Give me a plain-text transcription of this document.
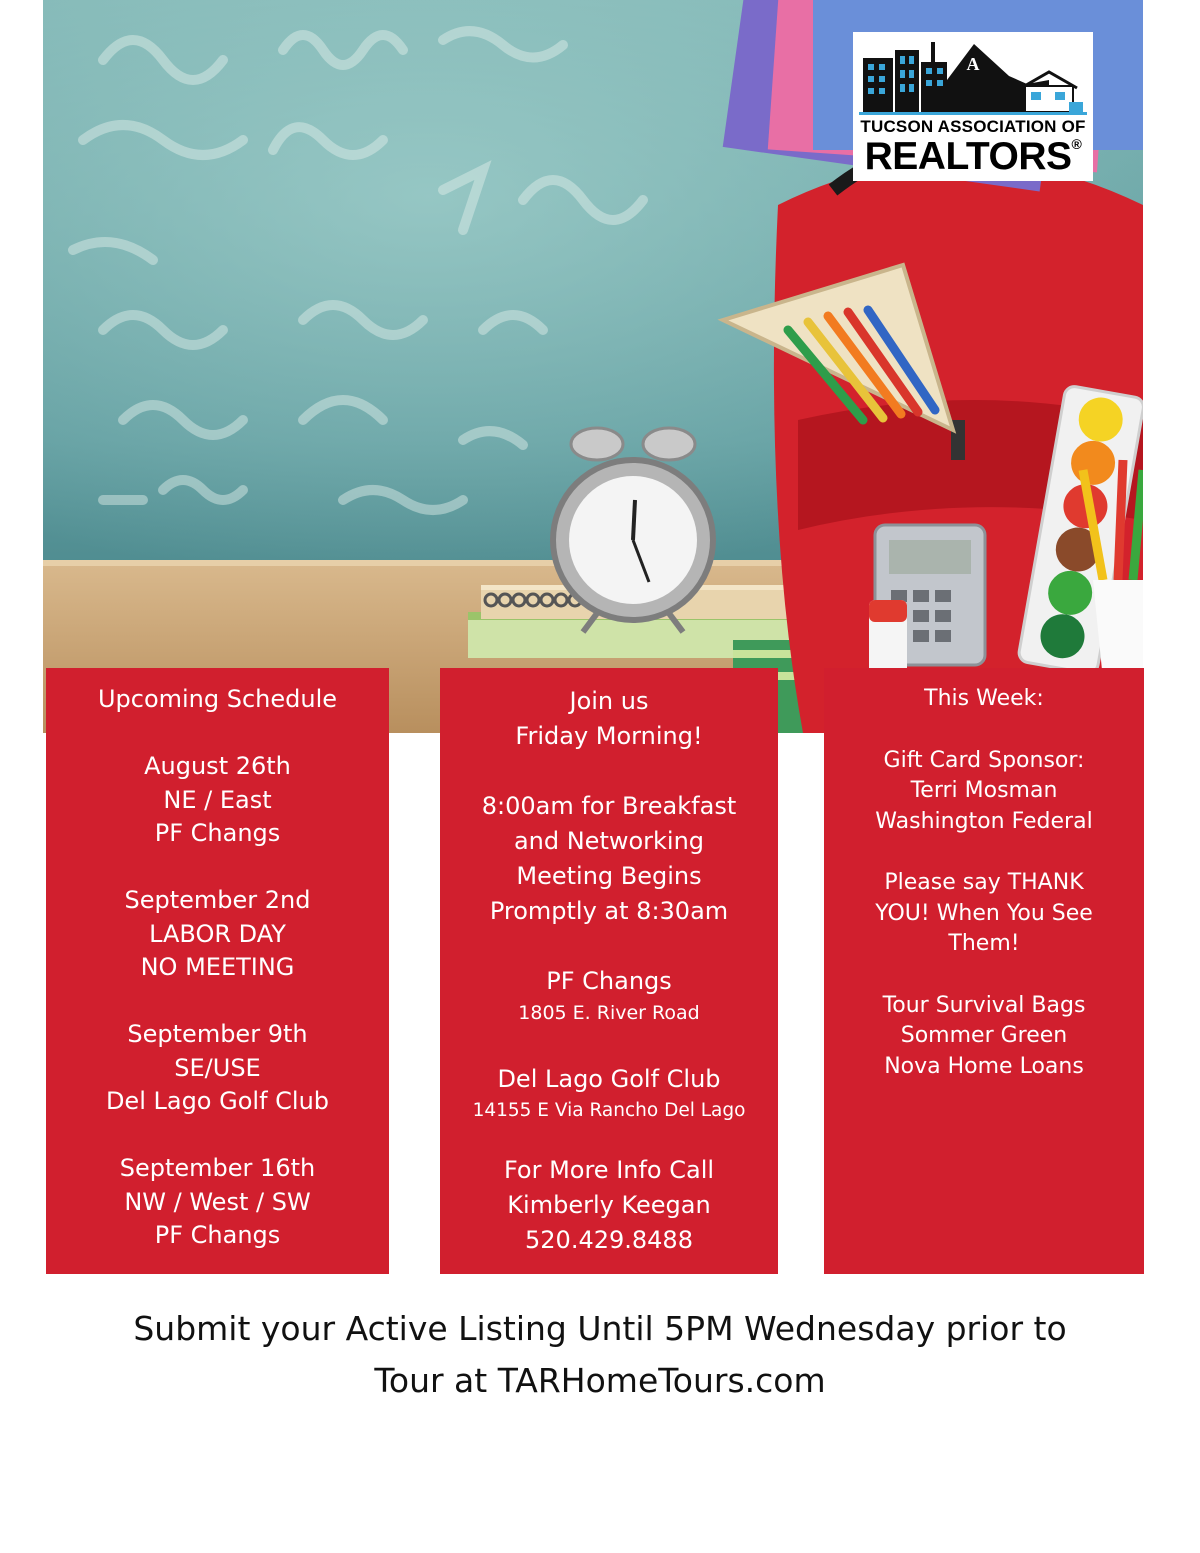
A
TUCSON ASSOCIATION OF
REALTORS®

Upcoming Schedule

August 26th

NE / East

PF Changs

September 2nd

LABOR DAY

NO MEETING

September 9th

SE/USE

Del Lago Golf Club

September 16th

NW / West / SW

PF Changs

Join us

Friday Morning!

8:00am for Breakfast

and Networking

Meeting Begins

Promptly at 8:30am

PF Changs

1805 E. River Road

Del Lago Golf Club

14155 E Via Rancho Del Lago

For More Info Call

Kimberly Keegan

520.429.8488

This Week:

Gift Card Sponsor:

Terri Mosman

Washington Federal

Please say THANK

YOU! When You See

Them!

Tour Survival Bags

Sommer Green

Nova Home Loans

Submit your Active Listing Until 5PM Wednesday prior to
Tour at TARHomeTours.com
